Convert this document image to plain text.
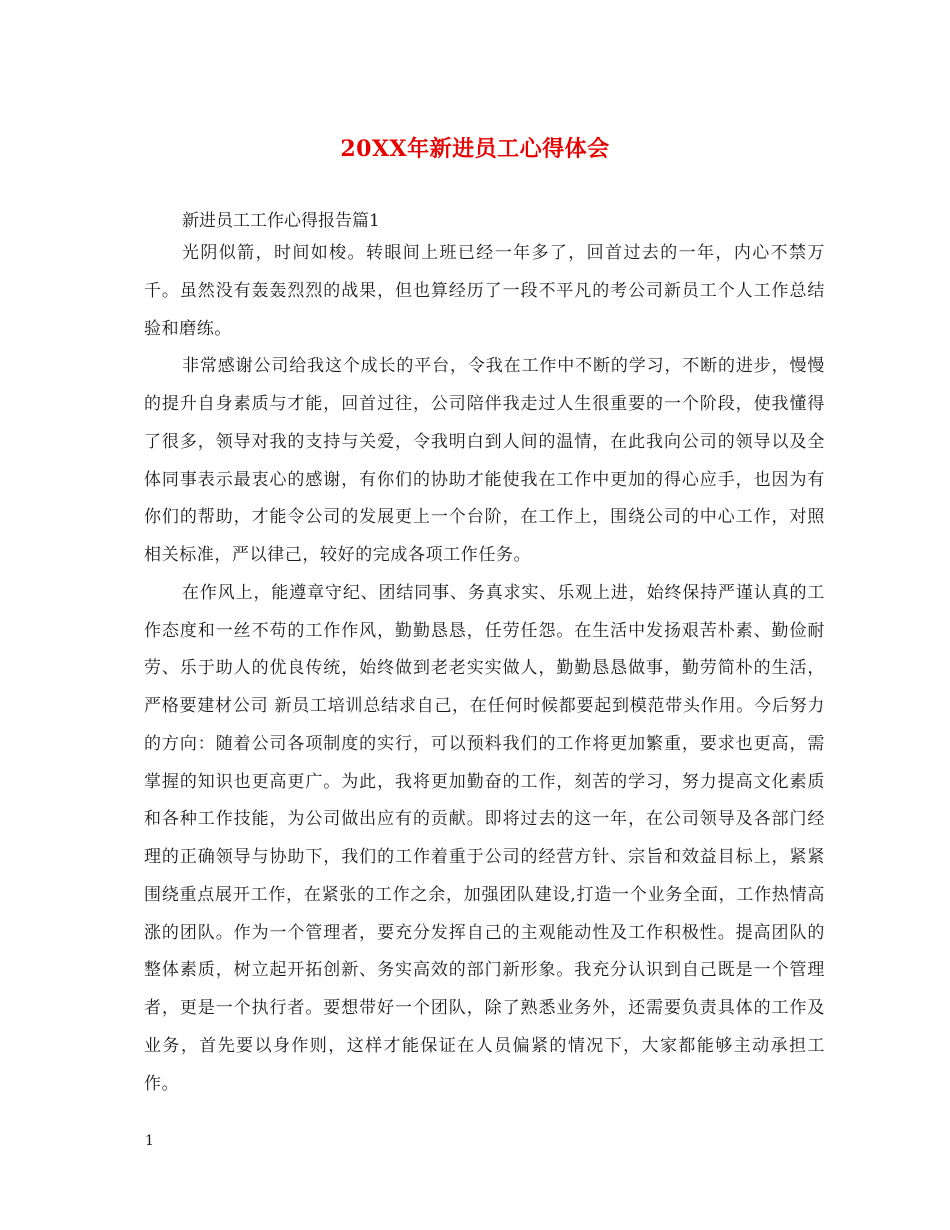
20XX年新进员工心得体会
新进员工工作心得报告篇1

光阴似箭，时间如梭。转眼间上班已经一年多了，回首过去的一年，内心不禁万千。虽然没有轰轰烈烈的战果，但也算经历了一段不平凡的考公司新员工个人工作总结验和磨练。

非常感谢公司给我这个成长的平台，令我在工作中不断的学习，不断的进步，慢慢的提升自身素质与才能，回首过往，公司陪伴我走过人生很重要的一个阶段，使我懂得了很多，领导对我的支持与关爱，令我明白到人间的温情，在此我向公司的领导以及全体同事表示最衷心的感谢，有你们的协助才能使我在工作中更加的得心应手，也因为有你们的帮助，才能令公司的发展更上一个台阶，在工作上，围绕公司的中心工作，对照相关标准，严以律己，较好的完成各项工作任务。

在作风上，能遵章守纪、团结同事、务真求实、乐观上进，始终保持严谨认真的工作态度和一丝不苟的工作作风，勤勤恳恳，任劳任怨。在生活中发扬艰苦朴素、勤俭耐劳、乐于助人的优良传统，始终做到老老实实做人，勤勤恳恳做事，勤劳简朴的生活，严格要建材公司 新员工培训总结求自己，在任何时候都要起到模范带头作用。今后努力的方向：随着公司各项制度的实行，可以预料我们的工作将更加繁重，要求也更高，需掌握的知识也更高更广。为此，我将更加勤奋的工作，刻苦的学习，努力提高文化素质和各种工作技能，为公司做出应有的贡献。即将过去的这一年，在公司领导及各部门经理的正确领导与协助下，我们的工作着重于公司的经营方针、宗旨和效益目标上，紧紧围绕重点展开工作，在紧张的工作之余，加强团队建设,打造一个业务全面，工作热情高涨的团队。作为一个管理者，要充分发挥自己的主观能动性及工作积极性。提高团队的整体素质，树立起开拓创新、务实高效的部门新形象。我充分认识到自己既是一个管理者，更是一个执行者。要想带好一个团队，除了熟悉业务外，还需要负责具体的工作及业务，首先要以身作则，这样才能保证在人员偏紧的情况下，大家都能够主动承担工作。

1
